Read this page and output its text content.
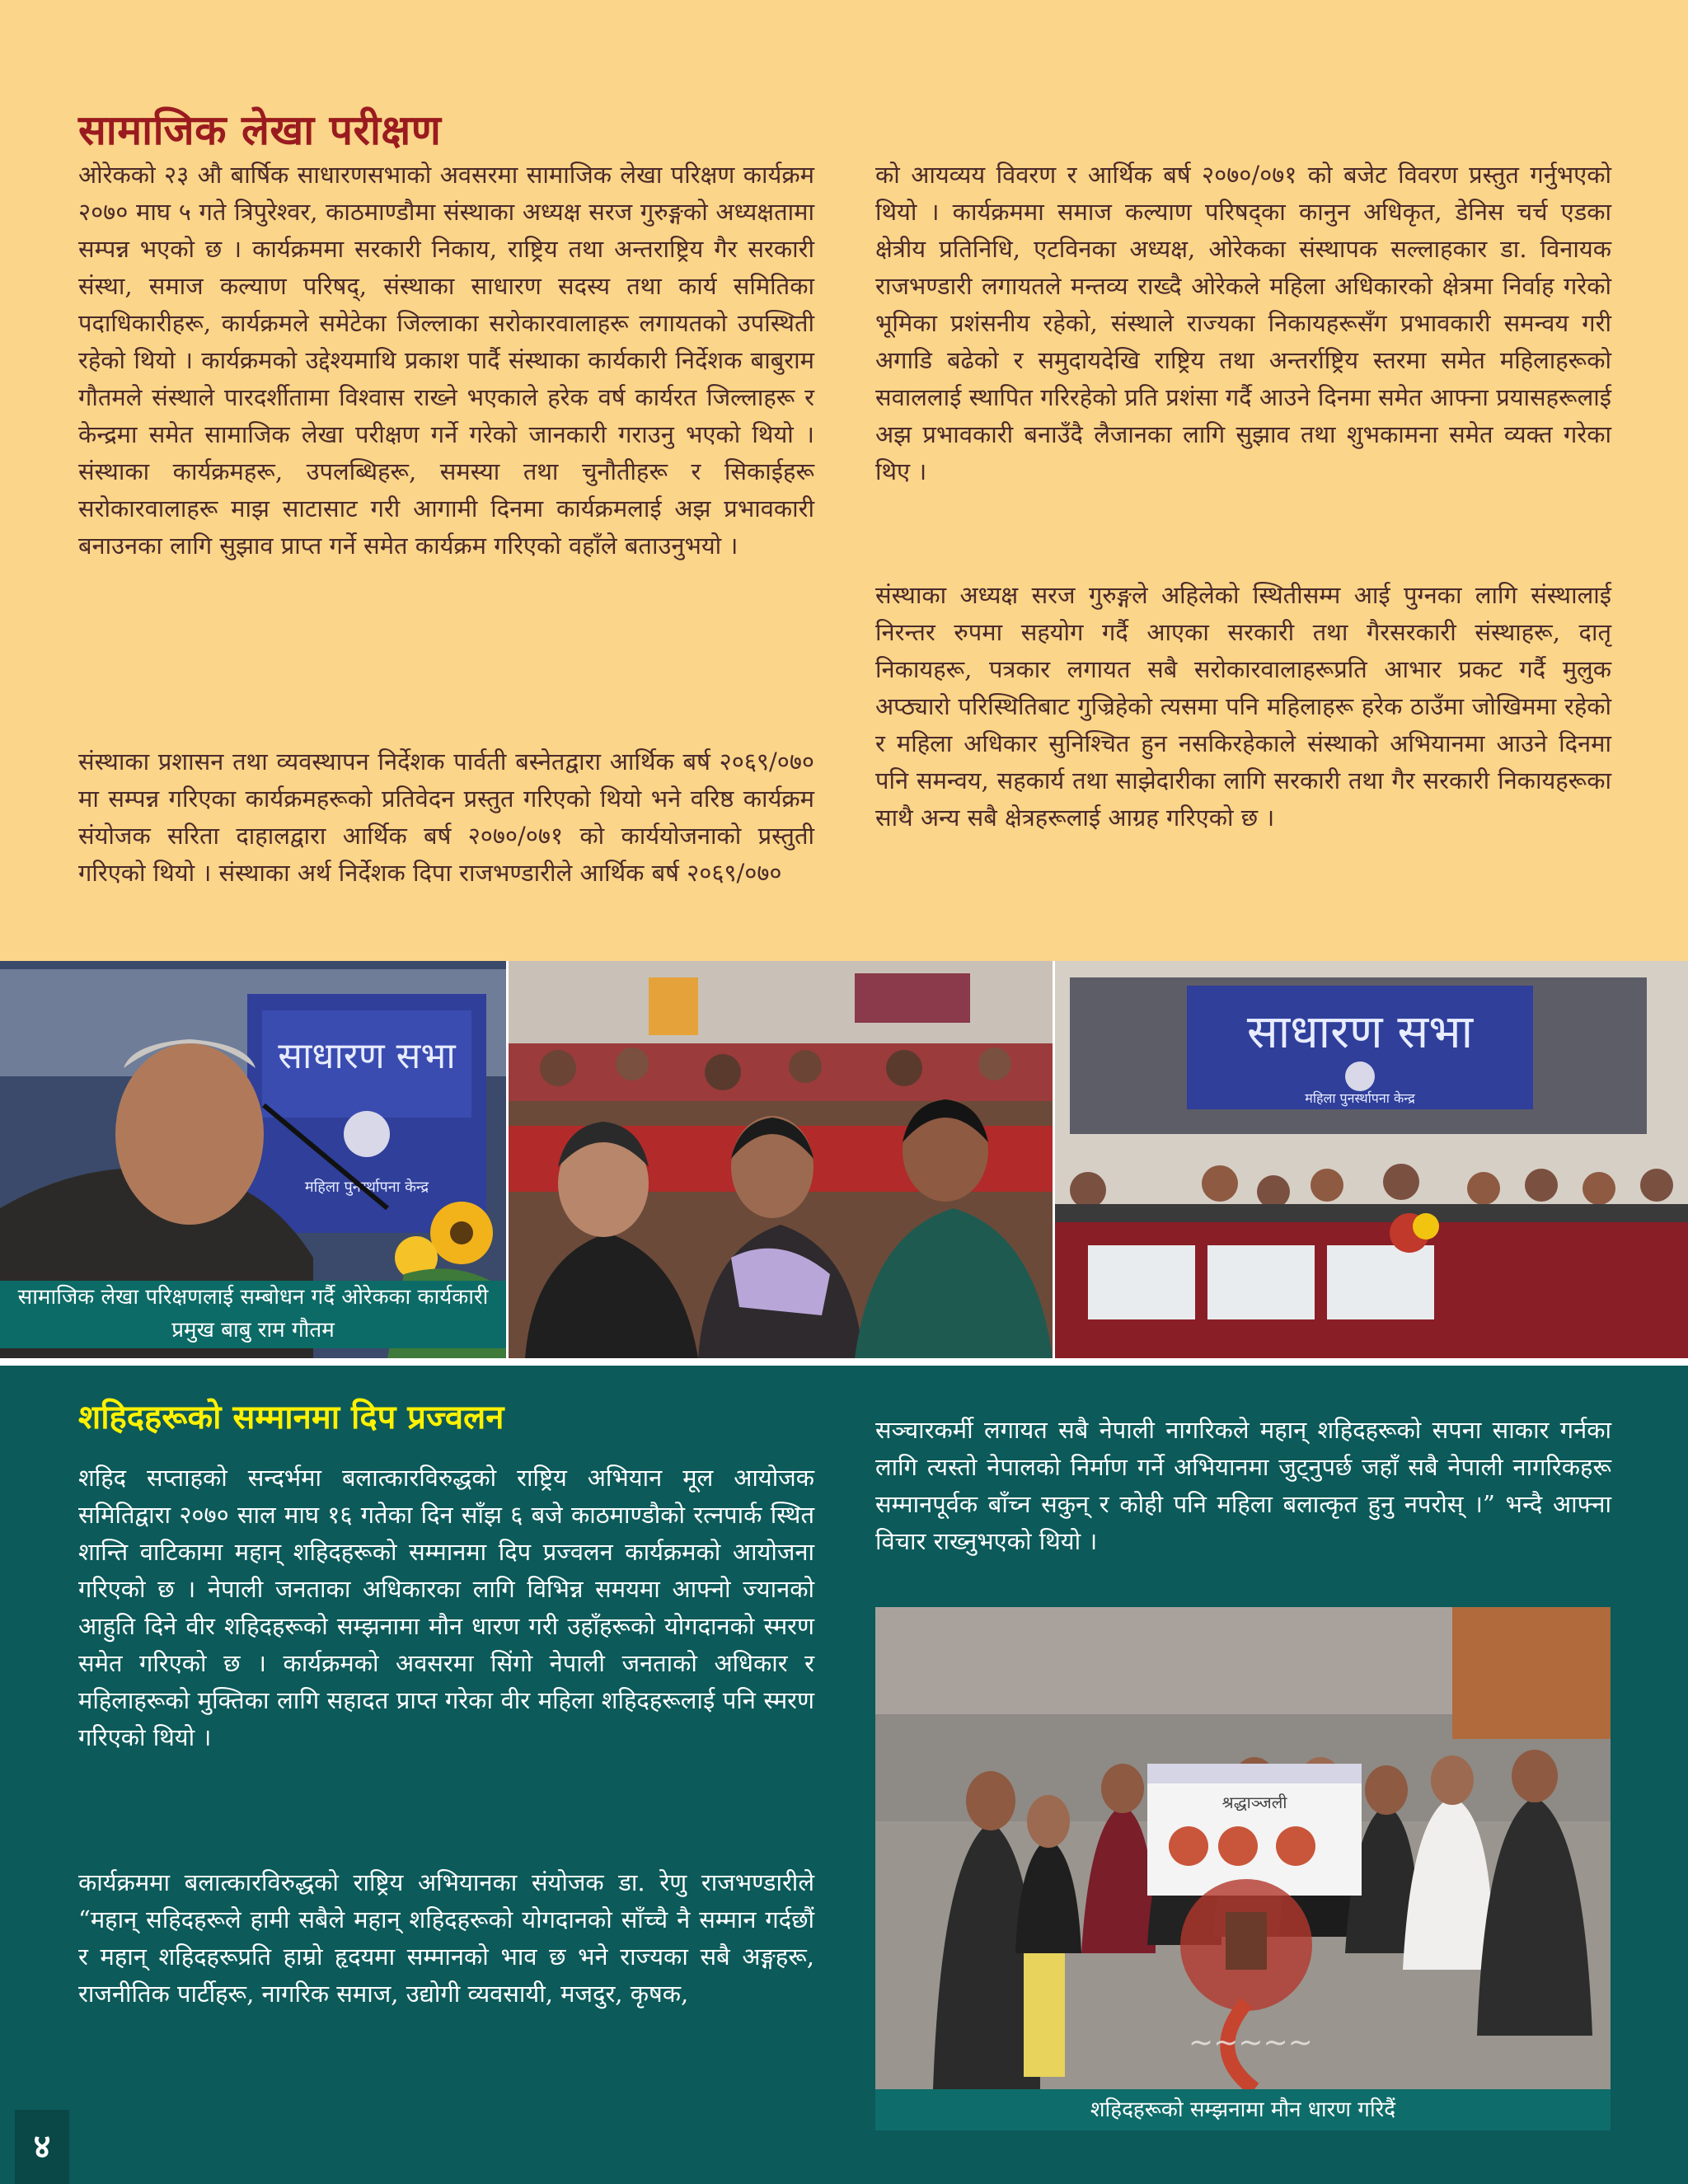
सामाजिक लेखा परीक्षण

ओरेकको २३ औ बार्षिक साधारणसभाको अवसरमा सामाजिक लेखा परिक्षण कार्यक्रम २०७० माघ ५ गते त्रिपुरेश्वर, काठमाण्डौमा संस्थाका अध्यक्ष सरज गुरुङ्गको अध्यक्षतामा सम्पन्न भएको छ । कार्यक्रममा सरकारी निकाय, राष्ट्रिय तथा अन्तराष्ट्रिय गैर सरकारी संस्था, समाज कल्याण परिषद्, संस्थाका साधारण सदस्य तथा कार्य समितिका पदाधिकारीहरू, कार्यक्रमले समेटेका जिल्लाका सरोकारवालाहरू लगायतको उपस्थिती रहेको थियो । कार्यक्रमको उद्देश्यमाथि प्रकाश पार्दै संस्थाका कार्यकारी निर्देशक बाबुराम गौतमले संस्थाले पारदर्शीतामा विश्वास राख्ने भएकाले हरेक वर्ष कार्यरत जिल्लाहरू र केन्द्रमा समेत सामाजिक लेखा परीक्षण गर्ने गरेको जानकारी गराउनु भएको थियो । संस्थाका कार्यक्रमहरू, उपलब्धिहरू, समस्या तथा चुनौतीहरू र सिकाईहरू सरोकारवालाहरू माझ साटासाट गरी आगामी दिनमा कार्यक्रमलाई अझ प्रभावकारी बनाउनका लागि सुझाव प्राप्त गर्ने समेत कार्यक्रम गरिएको वहाँले बताउनुभयो ।

संस्थाका प्रशासन तथा व्यवस्थापन निर्देशक पार्वती बस्नेतद्वारा आर्थिक बर्ष २०६९/०७० मा सम्पन्न गरिएका कार्यक्रमहरूको प्रतिवेदन प्रस्तुत गरिएको थियो भने वरिष्ठ कार्यक्रम संयोजक सरिता दाहालद्वारा आर्थिक बर्ष २०७०/०७१ को कार्ययोजनाको प्रस्तुती गरिएको थियो । संस्थाका अर्थ निर्देशक दिपा राजभण्डारीले आर्थिक बर्ष २०६९/०७०

को आयव्यय विवरण र आर्थिक बर्ष २०७०/०७१ को बजेट विवरण प्रस्तुत गर्नुभएको थियो । कार्यक्रममा समाज कल्याण परिषद्का कानुन अधिकृत, डेनिस चर्च एडका क्षेत्रीय प्रतिनिधि, एटविनका अध्यक्ष, ओरेकका संस्थापक सल्लाहकार डा. विनायक राजभण्डारी लगायतले मन्तव्य राख्दै ओरेकले महिला अधिकारको क्षेत्रमा निर्वाह गरेको भूमिका प्रशंसनीय रहेको, संस्थाले राज्यका निकायहरूसँग प्रभावकारी समन्वय गरी अगाडि बढेको र समुदायदेखि राष्ट्रिय तथा अन्तर्राष्ट्रिय स्तरमा समेत महिलाहरूको सवाललाई स्थापित गरिरहेको प्रति प्रशंसा गर्दै आउने दिनमा समेत आफ्ना प्रयासहरूलाई अझ प्रभावकारी बनाउँदै लैजानका लागि सुझाव तथा शुभकामना समेत व्यक्त गरेका थिए ।

संस्थाका अध्यक्ष सरज गुरुङ्गले अहिलेको स्थितीसम्म आई पुग्नका लागि संस्थालाई निरन्तर रुपमा सहयोग गर्दै आएका सरकारी तथा गैरसरकारी संस्थाहरू, दातृ निकायहरू, पत्रकार लगायत सबै सरोकारवालाहरूप्रति आभार प्रकट गर्दै मुलुक अप्ठ्यारो परिस्थितिबाट गुज्रिहेको त्यसमा पनि महिलाहरू हरेक ठाउँमा जोखिममा रहेको र महिला अधिकार सुनिश्चित हुन नसकिरहेकाले संस्थाको अभियानमा आउने दिनमा पनि समन्वय, सहकार्य तथा साझेदारीका लागि सरकारी तथा गैर सरकारी निकायहरूका साथै अन्य सबै क्षेत्रहरूलाई आग्रह गरिएको छ ।

साधारण सभा
महिला पुनर्स्थापना केन्द्र
सामाजिक लेखा परिक्षणलाई सम्बोधन गर्दै ओरेकका कार्यकारी प्रमुख बाबु राम गौतम
साधारण सभा
महिला पुनर्स्थापना केन्द्र

शहिद सप्ताहको सन्दर्भमा बलात्कारविरुद्धको राष्ट्रिय अभियान मूल आयोजक समितिद्वारा २०७० साल माघ १६ गतेका दिन साँझ ६ बजे काठमाण्डौको रत्नपार्क स्थित शान्ति वाटिकामा महान् शहिदहरूको सम्मानमा दिप प्रज्वलन कार्यक्रमको आयोजना गरिएको छ । नेपाली जनताका अधिकारका लागि विभिन्न समयमा आफ्नो ज्यानको आहुति दिने वीर शहिदहरूको सम्झनामा मौन धारण गरी उहाँहरूको योगदानको स्मरण समेत गरिएको छ । कार्यक्रमको अवसरमा सिंगो नेपाली जनताको अधिकार र महिलाहरूको मुक्तिका लागि सहादत प्राप्त गरेका वीर महिला शहिदहरूलाई पनि स्मरण गरिएको थियो ।

कार्यक्रममा बलात्कारविरुद्धको राष्ट्रिय अभियानका संयोजक डा. रेणु राजभण्डारीले “महान् सहिदहरूले हामी सबैले महान् शहिदहरूको योगदानको साँच्चै नै सम्मान गर्दछौं र महान् शहिदहरूप्रति हाम्रो हृदयमा सम्मानको भाव छ भने राज्यका सबै अङ्गहरू, राजनीतिक पार्टीहरू, नागरिक समाज, उद्योगी व्यवसायी, मजदुर, कृषक,

सञ्चारकर्मी लगायत सबै नेपाली नागरिकले महान् शहिदहरूको सपना साकार गर्नका लागि त्यस्तो नेपालको निर्माण गर्ने अभियानमा जुट्नुपर्छ जहाँ सबै नेपाली नागरिकहरू सम्मानपूर्वक बाँच्न सकुन् र कोही पनि महिला बलात्कृत हुनु नपरोस् ।” भन्दै आफ्ना विचार राख्नुभएको थियो ।

श्रद्धाञ्जली
~~~~~
शहिदहरूको सम्झनामा मौन धारण गरिदैं
शहिदहरूको सम्मानमा दिप प्रज्वलन
४
